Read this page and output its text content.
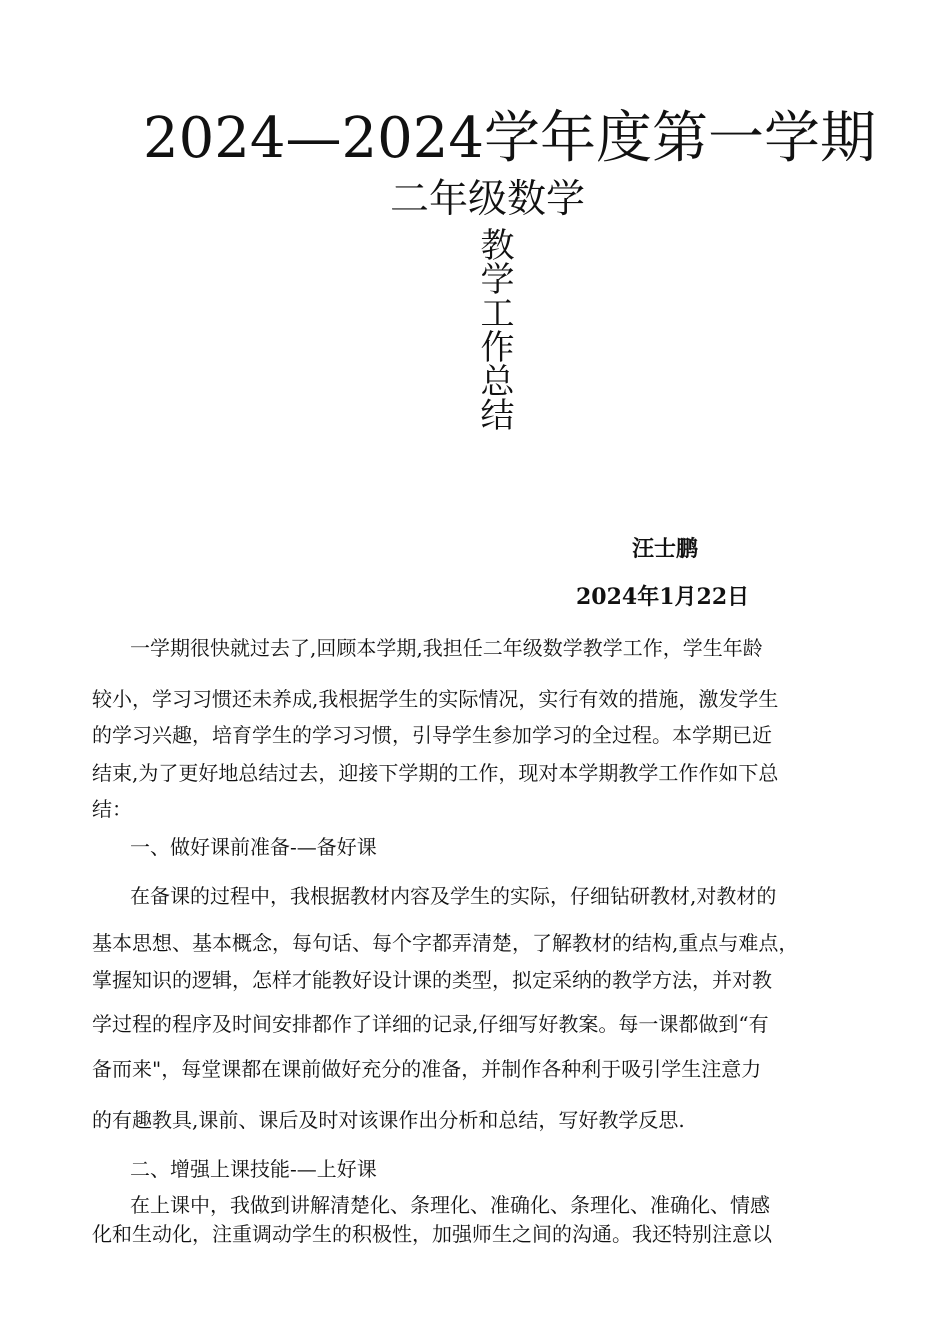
2024—2024学年度第一学期
二年级数学
教学工作总结
汪士鹏
2024年1月22日
一学期很快就过去了,回顾本学期,我担任二年级数学教学工作，学生年龄
较小，学习习惯还未养成,我根据学生的实际情况，实行有效的措施，激发学生
的学习兴趣，培育学生的学习习惯，引导学生参加学习的全过程。本学期已近
结束,为了更好地总结过去，迎接下学期的工作，现对本学期教学工作作如下总
结：
一、做好课前准备-—备好课
在备课的过程中，我根据教材内容及学生的实际，仔细钻研教材,对教材的
基本思想、基本概念，每句话、每个字都弄清楚，了解教材的结构,重点与难点，
掌握知识的逻辑，怎样才能教好设计课的类型，拟定采纳的教学方法，并对教
学过程的程序及时间安排都作了详细的记录,仔细写好教案。每一课都做到“有
备而来"，每堂课都在课前做好充分的准备，并制作各种利于吸引学生注意力
的有趣教具,课前、课后及时对该课作出分析和总结，写好教学反思.
二、增强上课技能-—上好课
在上课中，我做到讲解清楚化、条理化、准确化、条理化、准确化、情感
化和生动化，注重调动学生的积极性，加强师生之间的沟通。我还特别注意以
